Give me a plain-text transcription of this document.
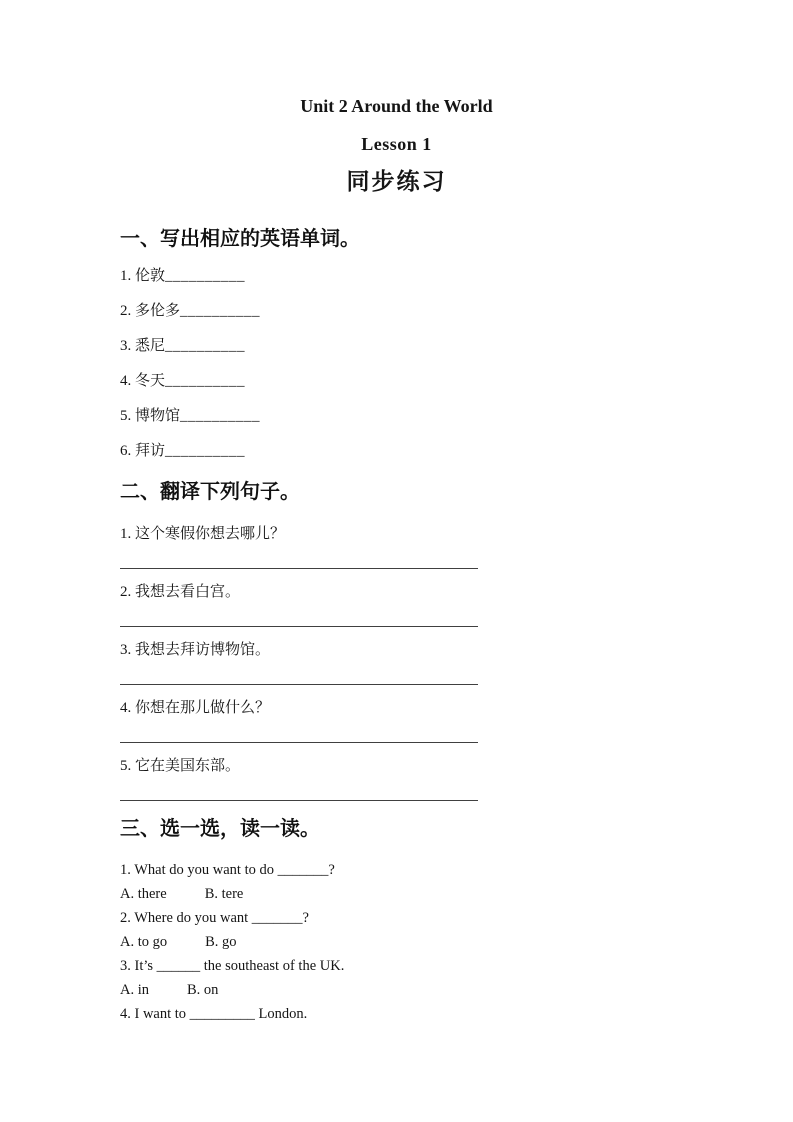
Unit 2 Around the World
Lesson 1
同步练习
一、写出相应的英语单词。
1. 伦敦__________
2. 多伦多__________
3. 悉尼__________
4. 冬天__________
5. 博物馆__________
6. 拜访__________
二、翻译下列句子。
1. 这个寒假你想去哪儿？
2. 我想去看白宫。
3. 我想去拜访博物馆。
4. 你想在那儿做什么？
5. 它在美国东部。
三、选一选，读一读。
1. What do you want to do _______?
A. there	B. tere
2. Where do you want _______?
A. to go	B. go
3. It’s ______ the southeast of the UK.
A. in	B. on
4. I want to _________ London.
